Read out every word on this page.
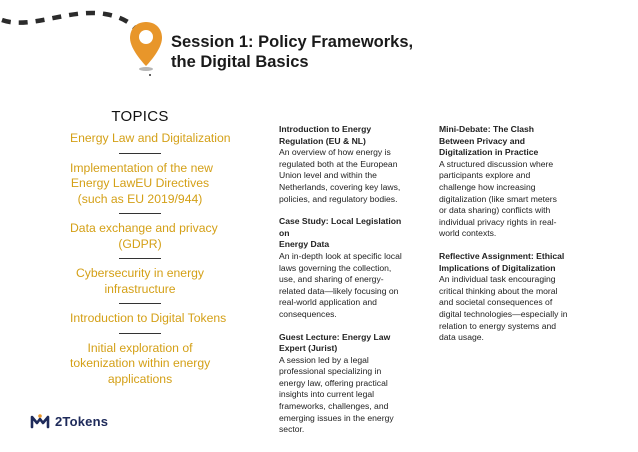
Session 1: Policy Frameworks,
the Digital Basics
TOPICS
Energy Law and Digitalization
Implementation of the new
Energy LawEU Directives
(such as EU 2019/944)
Data exchange and privacy
(GDPR)
Cybersecurity in energy
infrastructure
Introduction to Digital Tokens
Initial exploration of
tokenization within energy
applications
Introduction to Energy
Regulation (EU & NL)
An overview of how energy is
regulated both at the European
Union level and within the
Netherlands, covering key laws,
policies, and regulatory bodies.
Case Study: Local Legislation on
Energy Data
An in-depth look at specific local
laws governing the collection,
use, and sharing of energy-
related data—likely focusing on
real-world application and
consequences.
Guest Lecture: Energy Law
Expert (Jurist)
A session led by a legal
professional specializing in
energy law, offering practical
insights into current legal
frameworks, challenges, and
emerging issues in the energy
sector.
Mini-Debate: The Clash
Between Privacy and
Digitalization in Practice
A structured discussion where
participants explore and
challenge how increasing
digitalization (like smart meters
or data sharing) conflicts with
individual privacy rights in real-
world contexts.
Reflective Assignment: Ethical
Implications of Digitalization
An individual task encouraging
critical thinking about the moral
and societal consequences of
digital technologies—especially in
relation to energy systems and
data usage.
2Tokens
